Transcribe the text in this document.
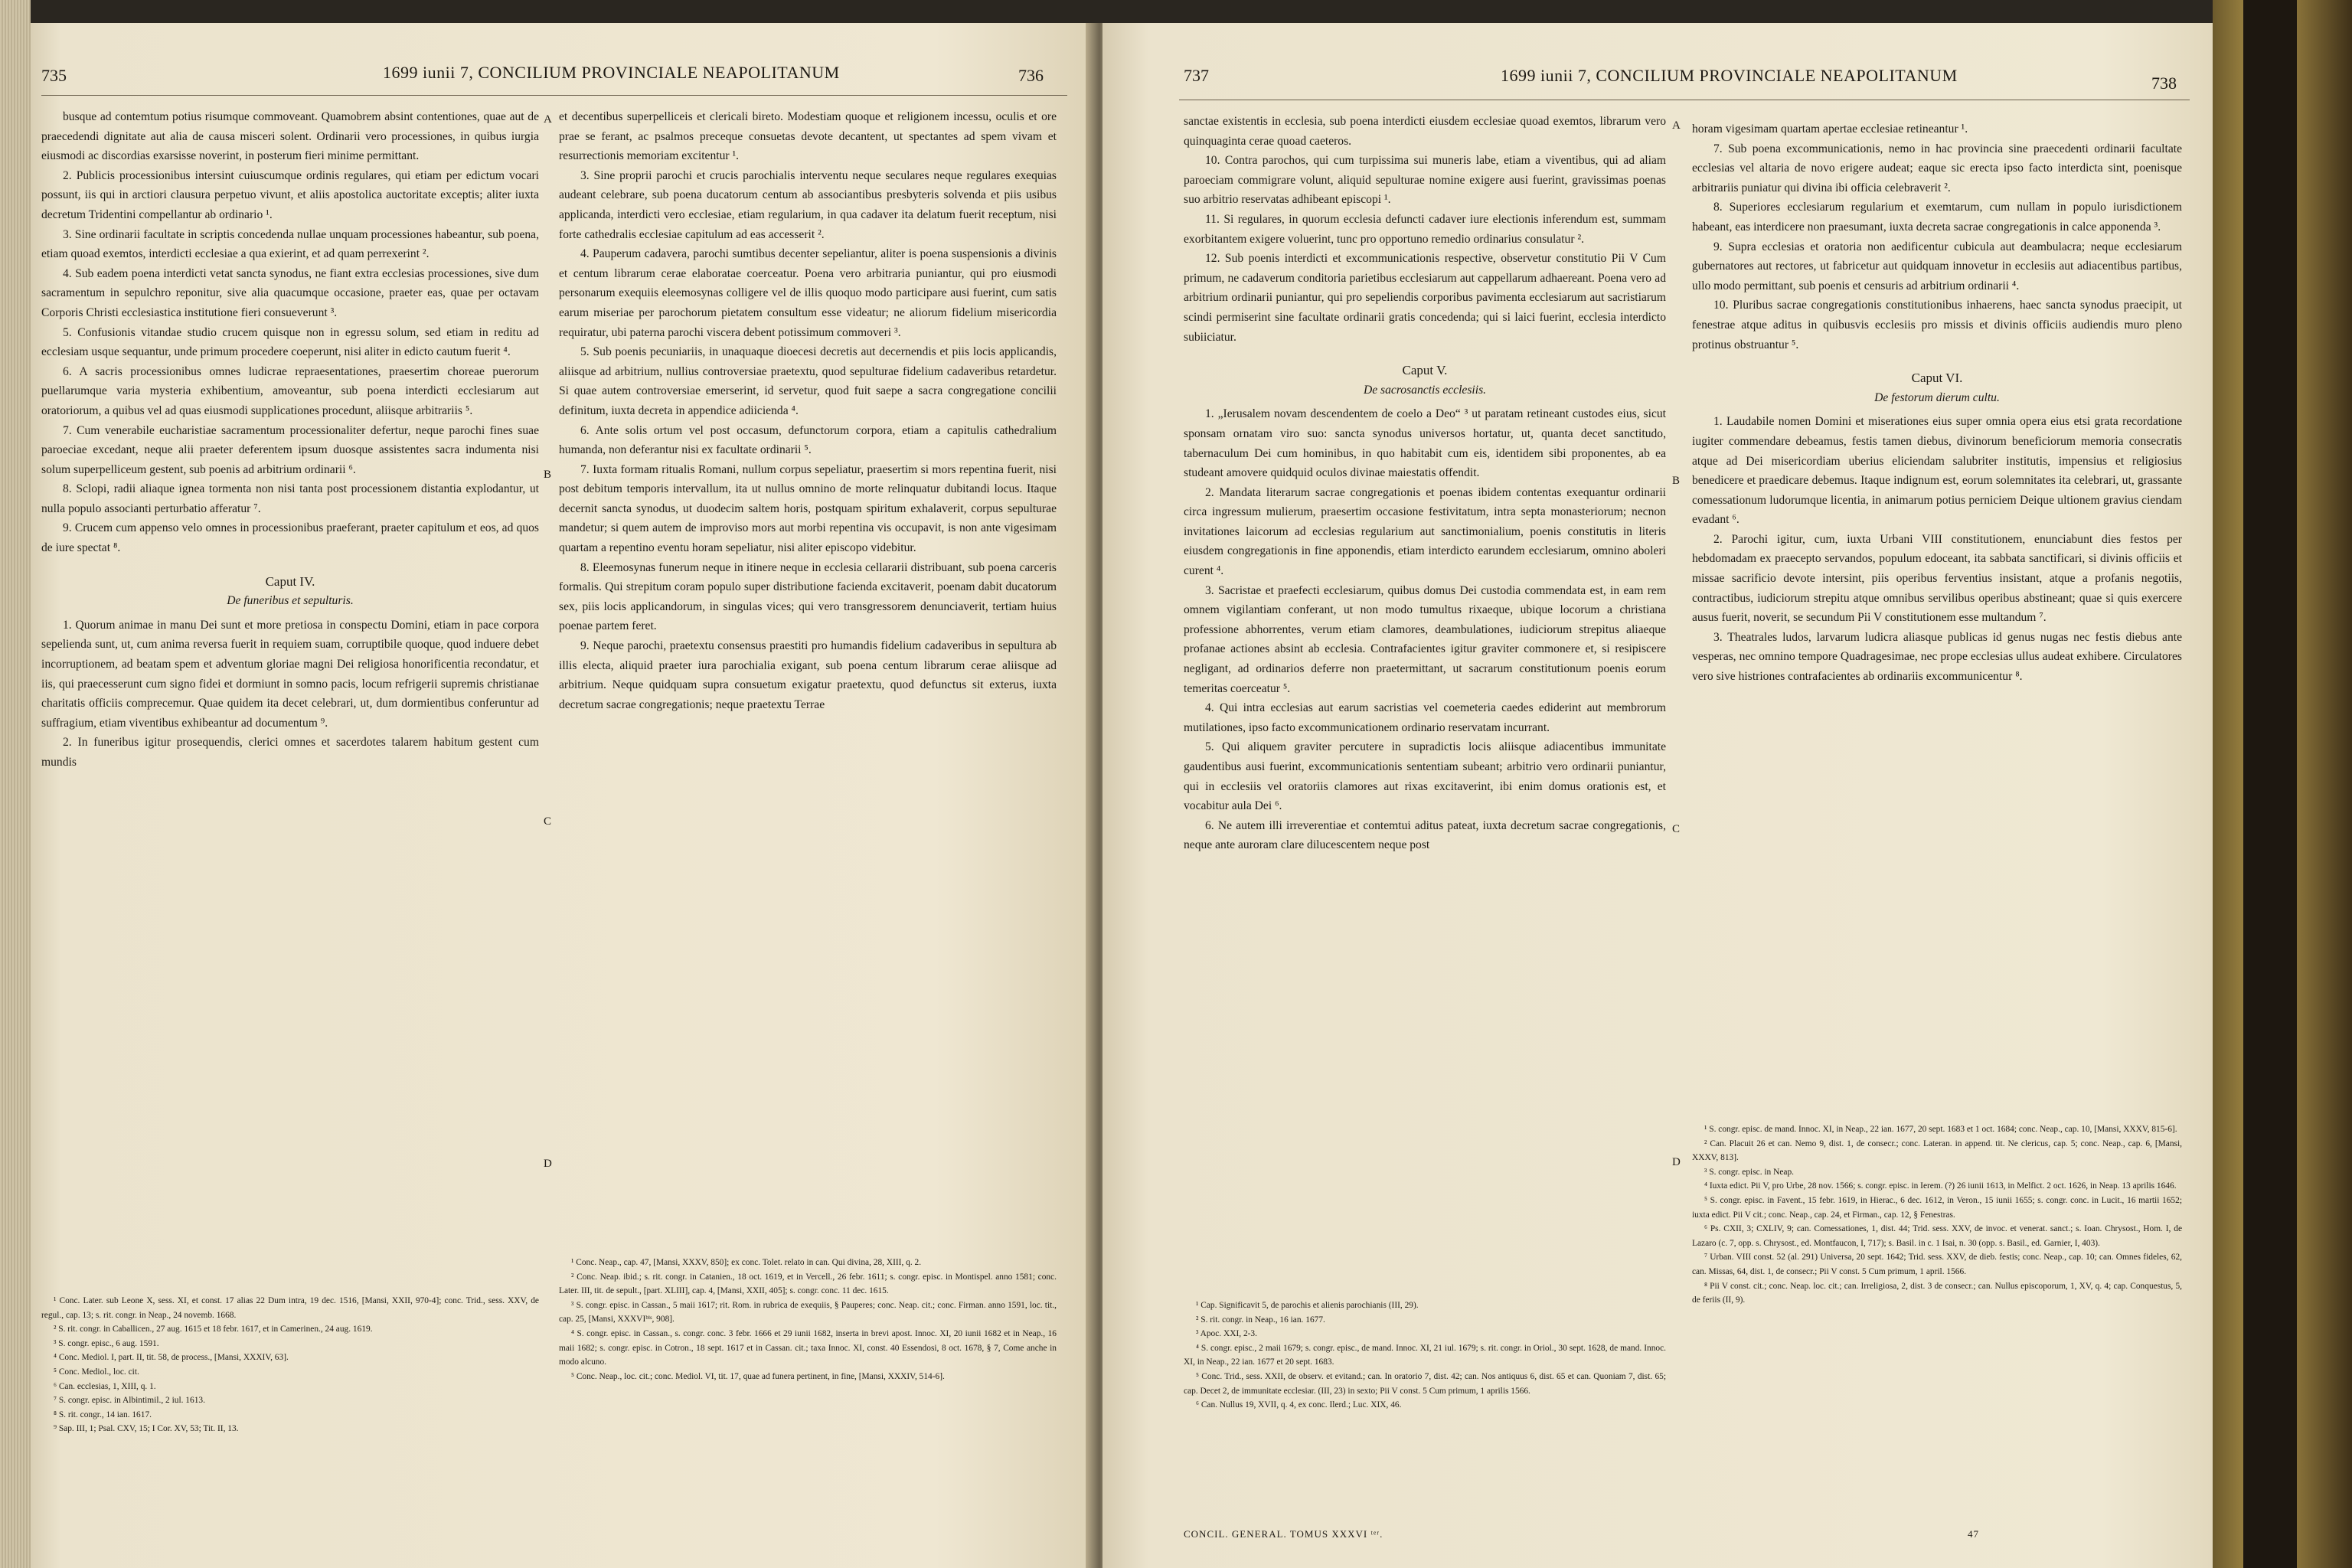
735	1699 iunii 7, CONCILIUM PROVINCIALE NEAPOLITANUM	736

busque ad contemtum potius risumque commoveant. Quamobrem absint contentiones, quae aut de praecedendi dignitate aut alia de causa misceri solent. Ordinarii vero processiones, in quibus iurgia eiusmodi ac discordias exarsisse noverint, in posterum fieri minime permittant.

2. Publicis processionibus intersint cuiuscumque ordinis regulares, qui etiam per edictum vocari possunt, iis qui in arctiori clausura perpetuo vivunt, et aliis apostolica auctoritate exceptis; aliter iuxta decretum Tridentini compellantur ab ordinario ¹.

3. Sine ordinarii facultate in scriptis concedenda nullae unquam processiones habeantur, sub poena, etiam quoad exemtos, interdicti ecclesiae a qua exierint, et ad quam perrexerint ².

4. Sub eadem poena interdicti vetat sancta synodus, ne fiant extra ecclesias processiones, sive dum sacramentum in sepulchro reponitur, sive alia quacumque occasione, praeter eas, quae per octavam Corporis Christi ecclesiastica institutione fieri consueverunt ³.

5. Confusionis vitandae studio crucem quisque non in egressu solum, sed etiam in reditu ad ecclesiam usque sequantur, unde primum procedere coeperunt, nisi aliter in edicto cautum fuerit ⁴.

6. A sacris processionibus omnes ludicrae repraesentationes, praesertim choreae puerorum puellarumque varia mysteria exhibentium, amoveantur, sub poena interdicti ecclesiarum aut oratoriorum, a quibus vel ad quas eiusmodi supplicationes procedunt, aliisque arbitrariis ⁵.

7. Cum venerabile eucharistiae sacramentum processionaliter defertur, neque parochi fines suae paroeciae excedant, neque alii praeter deferentem ipsum duosque assistentes sacra indumenta nisi solum superpelliceum gestent, sub poenis ad arbitrium ordinarii ⁶.

8. Sclopi, radii aliaque ignea tormenta non nisi tanta post processionem distantia explodantur, ut nulla populo associanti perturbatio afferatur ⁷.

9. Crucem cum appenso velo omnes in processionibus praeferant, praeter capitulum et eos, ad quos de iure spectat ⁸.

Caput IV.

De funeribus et sepulturis.

1. Quorum animae in manu Dei sunt et more pretiosa in conspectu Domini, etiam in pace corpora sepelienda sunt, ut, cum anima reversa fuerit in requiem suam, corruptibile quoque, quod induere debet incorruptionem, ad beatam spem et adventum gloriae magni Dei religiosa honorificentia recondatur, et iis, qui praecesserunt cum signo fidei et dormiunt in somno pacis, locum refrigerii supremis christianae charitatis officiis comprecemur. Quae quidem ita decet celebrari, ut, dum dormientibus conferuntur ad suffragium, etiam viventibus exhibeantur ad documentum ⁹.

2. In funeribus igitur prosequendis, clerici omnes et sacerdotes talarem habitum gestent cum mundis

et decentibus superpelliceis et clericali bireto. Modestiam quoque et religionem incessu, oculis et ore prae se ferant, ac psalmos preceque consuetas devote decantent, ut spectantes ad spem vivam et resurrectionis memoriam excitentur ¹.

3. Sine proprii parochi et crucis parochialis interventu neque seculares neque regulares exequias audeant celebrare, sub poena ducatorum centum ab associantibus presbyteris solvenda et piis usibus applicanda, interdicti vero ecclesiae, etiam regularium, in qua cadaver ita delatum fuerit receptum, nisi forte cathedralis ecclesiae capitulum ad eas accesserit ².

4. Pauperum cadavera, parochi sumtibus decenter sepeliantur, aliter is poena suspensionis a divinis et centum librarum cerae elaboratae coerceatur. Poena vero arbitraria puniantur, qui pro eiusmodi personarum exequiis eleemosynas colligere vel de illis quoquo modo participare ausi fuerint, cum satis earum miseriae per parochorum pietatem consultum esse videatur; ne aliorum fidelium misericordia requiratur, ubi paterna parochi viscera debent potissimum commoveri ³.

5. Sub poenis pecuniariis, in unaquaque dioecesi decretis aut decernendis et piis locis applicandis, aliisque ad arbitrium, nullius controversiae praetextu, quod sepulturae fidelium cadaveribus retardetur. Si quae autem controversiae emerserint, id servetur, quod fuit saepe a sacra congregatione concilii definitum, iuxta decreta in appendice adiicienda ⁴.

6. Ante solis ortum vel post occasum, defunctorum corpora, etiam a capitulis cathedralium humanda, non deferantur nisi ex facultate ordinarii ⁵.

7. Iuxta formam ritualis Romani, nullum corpus sepeliatur, praesertim si mors repentina fuerit, nisi post debitum temporis intervallum, ita ut nullus omnino de morte relinquatur dubitandi locus. Itaque decernit sancta synodus, ut duodecim saltem horis, postquam spiritum exhalaverit, corpus sepulturae mandetur; si quem autem de improviso mors aut morbi repentina vis occupavit, is non ante vigesimam quartam a repentino eventu horam sepeliatur, nisi aliter episcopo videbitur.

8. Eleemosynas funerum neque in itinere neque in ecclesia cellararii distribuant, sub poena carceris formalis. Qui strepitum coram populo super distributione facienda excitaverit, poenam dabit ducatorum sex, piis locis applicandorum, in singulas vices; qui vero transgressorem denunciaverit, tertiam huius poenae partem feret.

9. Neque parochi, praetextu consensus praestiti pro humandis fidelium cadaveribus in sepultura ab illis electa, aliquid praeter iura parochialia exigant, sub poena centum librarum cerae aliisque ad arbitrium. Neque quidquam supra consuetum exigatur praetextu, quod defunctus sit exterus, iuxta decretum sacrae congregationis; neque praetextu Terrae

A
B
C
D

¹ Conc. Later. sub Leone X, sess. XI, et const. 17 alias 22 Dum intra, 19 dec. 1516, [Mansi, XXII, 970-4]; conc. Trid., sess. XXV, de regul., cap. 13; s. rit. congr. in Neap., 24 novemb. 1668.

² S. rit. congr. in Caballicen., 27 aug. 1615 et 18 febr. 1617, et in Camerinen., 24 aug. 1619.

³ S. congr. episc., 6 aug. 1591.

⁴ Conc. Mediol. I, part. II, tit. 58, de process., [Mansi, XXXIV, 63].

⁵ Conc. Mediol., loc. cit.

⁶ Can. ecclesias, 1, XIII, q. 1.

⁷ S. congr. episc. in Albintimil., 2 iul. 1613.

⁸ S. rit. congr., 14 ian. 1617.

⁹ Sap. III, 1; Psal. CXV, 15; I Cor. XV, 53; Tit. II, 13.

¹ Conc. Neap., cap. 47, [Mansi, XXXV, 850]; ex conc. Tolet. relato in can. Qui divina, 28, XIII, q. 2.

² Conc. Neap. ibid.; s. rit. congr. in Catanien., 18 oct. 1619, et in Vercell., 26 febr. 1611; s. congr. episc. in Montispel. anno 1581; conc. Later. III, tit. de sepult., [part. XLIII], cap. 4, [Mansi, XXII, 405]; s. congr. conc. 11 dec. 1615.

³ S. congr. episc. in Cassan., 5 maii 1617; rit. Rom. in rubrica de exequiis, § Pauperes; conc. Neap. cit.; conc. Firman. anno 1591, loc. tit., cap. 25, [Mansi, XXXVIᵇⁱˢ, 908].

⁴ S. congr. episc. in Cassan., s. congr. conc. 3 febr. 1666 et 29 iunii 1682, inserta in brevi apost. Innoc. XI, 20 iunii 1682 et in Neap., 16 maii 1682; s. congr. episc. in Cotron., 18 sept. 1617 et in Cassan. cit.; taxa Innoc. XI, const. 40 Essendosi, 8 oct. 1678, § 7, Come anche in modo alcuno.

⁵ Conc. Neap., loc. cit.; conc. Mediol. VI, tit. 17, quae ad funera pertinent, in fine, [Mansi, XXXIV, 514-6].

737	1699 iunii 7, CONCILIUM PROVINCIALE NEAPOLITANUM	738

sanctae existentis in ecclesia, sub poena interdicti eiusdem ecclesiae quoad exemtos, librarum vero quinquaginta cerae quoad caeteros.

10. Contra parochos, qui cum turpissima sui muneris labe, etiam a viventibus, qui ad aliam paroeciam commigrare volunt, aliquid sepulturae nomine exigere ausi fuerint, gravissimas poenas suo arbitrio reservatas adhibeant episcopi ¹.

11. Si regulares, in quorum ecclesia defuncti cadaver iure electionis inferendum est, summam exorbitantem exigere voluerint, tunc pro opportuno remedio ordinarius consulatur ².

12. Sub poenis interdicti et excommunicationis respective, observetur constitutio Pii V Cum primum, ne cadaverum conditoria parietibus ecclesiarum aut cappellarum adhaereant. Poena vero ad arbitrium ordinarii puniantur, qui pro sepeliendis corporibus pavimenta ecclesiarum aut sacristiarum scindi permiserint sine facultate ordinarii gratis concedenda; qui si laici fuerint, ecclesia interdicto subiiciatur.

Caput V.

De sacrosanctis ecclesiis.

1. „Ierusalem novam descendentem de coelo a Deo“ ³ ut paratam retineant custodes eius, sicut sponsam ornatam viro suo: sancta synodus universos hortatur, ut, quanta decet sanctitudo, tabernaculum Dei cum hominibus, in quo habitabit cum eis, identidem sibi proponentes, ab ea studeant amovere quidquid oculos divinae maiestatis offendit.

2. Mandata literarum sacrae congregationis et poenas ibidem contentas exequantur ordinarii circa ingressum mulierum, praesertim occasione festivitatum, intra septa monasteriorum; necnon invitationes laicorum ad ecclesias regularium aut sanctimonialium, poenis constitutis in literis eiusdem congregationis in fine apponendis, etiam interdicto earundem ecclesiarum, omnino aboleri curent ⁴.

3. Sacristae et praefecti ecclesiarum, quibus domus Dei custodia commendata est, in eam rem omnem vigilantiam conferant, ut non modo tumultus rixaeque, ubique locorum a christiana professione abhorrentes, verum etiam clamores, deambulationes, iudiciorum strepitus aliaeque profanae actiones absint ab ecclesia. Contrafacientes igitur graviter commonere et, si resipiscere negligant, ad ordinarios deferre non praetermittant, ut sacrarum constitutionum poenis eorum temeritas coerceatur ⁵.

4. Qui intra ecclesias aut earum sacristias vel coemeteria caedes ediderint aut membrorum mutilationes, ipso facto excommunicationem ordinario reservatam incurrant.

5. Qui aliquem graviter percutere in supradictis locis aliisque adiacentibus immunitate gaudentibus ausi fuerint, excommunicationis sententiam subeant; arbitrio vero ordinarii puniantur, qui in ecclesiis vel oratoriis clamores aut rixas excitaverint, ibi enim domus orationis est, et vocabitur aula Dei ⁶.

6. Ne autem illi irreverentiae et contemtui aditus pateat, iuxta decretum sacrae congregationis, neque ante auroram clare dilucescentem neque post

horam vigesimam quartam apertae ecclesiae retineantur ¹.

7. Sub poena excommunicationis, nemo in hac provincia sine praecedenti ordinarii facultate ecclesias vel altaria de novo erigere audeat; eaque sic erecta ipso facto interdicta sint, poenisque arbitrariis puniatur qui divina ibi officia celebraverit ².

8. Superiores ecclesiarum regularium et exemtarum, cum nullam in populo iurisdictionem habeant, eas interdicere non praesumant, iuxta decreta sacrae congregationis in calce apponenda ³.

9. Supra ecclesias et oratoria non aedificentur cubicula aut deambulacra; neque ecclesiarum gubernatores aut rectores, ut fabricetur aut quidquam innovetur in ecclesiis aut adiacentibus partibus, ullo modo permittant, sub poenis et censuris ad arbitrium ordinarii ⁴.

10. Pluribus sacrae congregationis constitutionibus inhaerens, haec sancta synodus praecipit, ut fenestrae atque aditus in quibusvis ecclesiis pro missis et divinis officiis audiendis muro pleno protinus obstruantur ⁵.

Caput VI.

De festorum dierum cultu.

1. Laudabile nomen Domini et miserationes eius super omnia opera eius etsi grata recordatione iugiter commendare debeamus, festis tamen diebus, divinorum beneficiorum memoria consecratis atque ad Dei misericordiam uberius eliciendam salubriter institutis, impensius et religiosius benedicere et praedicare debemus. Itaque indignum est, eorum solemnitates ita celebrari, ut, grassante comessationum ludorumque licentia, in animarum potius perniciem Deique ultionem gravius ciendam evadant ⁶.

2. Parochi igitur, cum, iuxta Urbani VIII constitutionem, enunciabunt dies festos per hebdomadam ex praecepto servandos, populum edoceant, ita sabbata sanctificari, si divinis officiis et missae sacrificio devote intersint, piis operibus ferventius insistant, atque a profanis negotiis, contractibus, iudiciorum strepitu atque omnibus servilibus operibus abstineant; quae si quis exercere ausus fuerit, noverit, se secundum Pii V constitutionem esse multandum ⁷.

3. Theatrales ludos, larvarum ludicra aliasque publicas id genus nugas nec festis diebus ante vesperas, nec omnino tempore Quadragesimae, nec prope ecclesias ullus audeat exhibere. Circulatores vero sive histriones contrafacientes ab ordinariis excommunicentur ⁸.

A
B
C
D

¹ Cap. Significavit 5, de parochis et alienis parochianis (III, 29).

² S. rit. congr. in Neap., 16 ian. 1677.

³ Apoc. XXI, 2-3.

⁴ S. congr. episc., 2 maii 1679; s. congr. episc., de mand. Innoc. XI, 21 iul. 1679; s. rit. congr. in Oriol., 30 sept. 1628, de mand. Innoc. XI, in Neap., 22 ian. 1677 et 20 sept. 1683.

⁵ Conc. Trid., sess. XXII, de observ. et evitand.; can. In oratorio 7, dist. 42; can. Nos antiquus 6, dist. 65 et can. Quoniam 7, dist. 65; cap. Decet 2, de immunitate ecclesiar. (III, 23) in sexto; Pii V const. 5 Cum primum, 1 aprilis 1566.

⁶ Can. Nullus 19, XVII, q. 4, ex conc. Ilerd.; Luc. XIX, 46.

CONCIL. GENERAL. TOMUS XXXVI ᵗᵉʳ.

¹ S. congr. episc. de mand. Innoc. XI, in Neap., 22 ian. 1677, 20 sept. 1683 et 1 oct. 1684; conc. Neap., cap. 10, [Mansi, XXXV, 815-6].

² Can. Placuit 26 et can. Nemo 9, dist. 1, de consecr.; conc. Lateran. in append. tit. Ne clericus, cap. 5; conc. Neap., cap. 6, [Mansi, XXXV, 813].

³ S. congr. episc. in Neap.

⁴ Iuxta edict. Pii V, pro Urbe, 28 nov. 1566; s. congr. episc. in Ierem. (?) 26 iunii 1613, in Melfict. 2 oct. 1626, in Neap. 13 aprilis 1646.

⁵ S. congr. episc. in Favent., 15 febr. 1619, in Hierac., 6 dec. 1612, in Veron., 15 iunii 1655; s. congr. conc. in Lucit., 16 martii 1652; iuxta edict. Pii V cit.; conc. Neap., cap. 24, et Firman., cap. 12, § Fenestras.

⁶ Ps. CXII, 3; CXLIV, 9; can. Comessationes, 1, dist. 44; Trid. sess. XXV, de invoc. et venerat. sanct.; s. Ioan. Chrysost., Hom. I, de Lazaro (c. 7, opp. s. Chrysost., ed. Montfaucon, I, 717); s. Basil. in c. 1 Isai, n. 30 (opp. s. Basil., ed. Garnier, I, 403).

⁷ Urban. VIII const. 52 (al. 291) Universa, 20 sept. 1642; Trid. sess. XXV, de dieb. festis; conc. Neap., cap. 10; can. Omnes fideles, 62, can. Missas, 64, dist. 1, de consecr.; Pii V const. 5 Cum primum, 1 april. 1566.

⁸ Pii V const. cit.; conc. Neap. loc. cit.; can. Irreligiosa, 2, dist. 3 de consecr.; can. Nullus episcoporum, 1, XV, q. 4; cap. Conquestus, 5, de feriis (II, 9).

47
